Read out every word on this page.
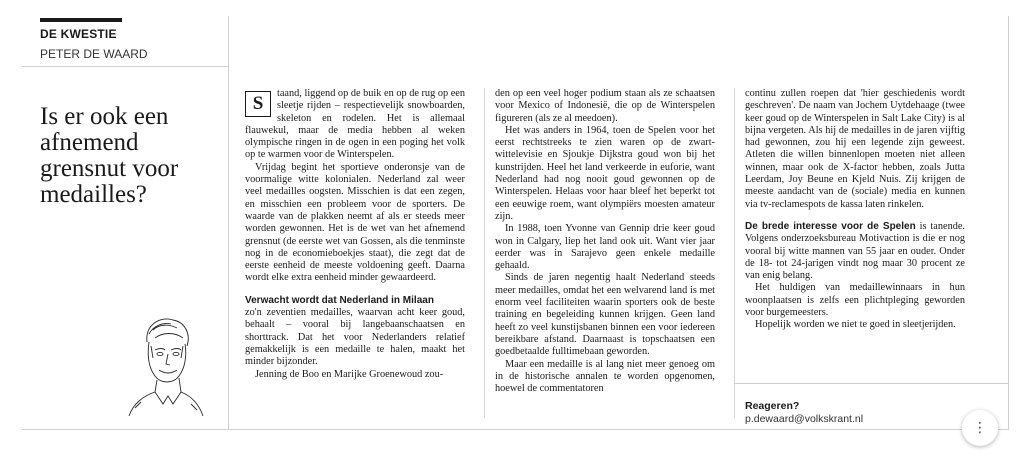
DE KWESTIE
PETER DE WAARD
Is er ook een afnemend grensnut voor medailles?
S	taand, liggend op de buik en op de rug op een sleetje rijden – respectievelijk snowboarden, skeleton en rodelen. Het is allemaal flauwekul, maar de media hebben al weken olympische ringen in de ogen in een poging het volk op te warmen voor de Winterspelen.

Vrijdag begint het sportieve onderonsje van de voormalige witte kolonialen. Nederland zal weer veel medailles oogsten. Misschien is dat een zegen, en misschien een probleem voor de sporters. De waarde van de plakken neemt af als er steeds meer worden gewonnen. Het is de wet van het afnemend grensnut (de eerste wet van Gossen, als die tenminste nog in de economieboekjes staat), die zegt dat de eerste eenheid de meeste voldoening geeft. Daarna wordt elke extra eenheid minder gewaardeerd.

Verwacht wordt dat Nederland in Milaan
zo'n zeventien medailles, waarvan acht keer goud, behaalt – vooral bij langebaanschaatsen en shorttrack. Dat het voor Nederlanders relatief gemakkelijk is een medaille te halen, maakt het minder bijzonder.

Jenning de Boo en Marijke Groenewoud zou-

den op een veel hoger podium staan als ze schaatsen voor Mexico of Indonesië, die op de Winterspelen figureren (als ze al meedoen).

Het was anders in 1964, toen de Spelen voor het eerst rechtstreeks te zien waren op de zwart-wittelevisie en Sjoukje Dijkstra goud won bij het kunstrijden. Heel het land verkeerde in euforie, want Nederland had nog nooit goud gewonnen op de Winterspelen. Helaas voor haar bleef het beperkt tot een eeuwige roem, want olympiërs moesten amateur zijn.

In 1988, toen Yvonne van Gennip drie keer goud won in Calgary, liep het land ook uit. Want vier jaar eerder was in Sarajevo geen enkele medaille gehaald.

Sinds de jaren negentig haalt Nederland steeds meer medailles, omdat het een welvarend land is met enorm veel faciliteiten waarin sporters ook de beste training en begeleiding kunnen krijgen. Geen land heeft zo veel kunstijsbanen binnen een voor iedereen bereikbare afstand. Daarnaast is topschaatsen een goedbetaalde fulltimebaan geworden.

Maar een medaille is al lang niet meer genoeg om in de historische annalen te worden opgenomen, hoewel de commentatoren

continu zullen roepen dat 'hier geschiedenis wordt geschreven'. De naam van Jochem Uytdehaage (twee keer goud op de Winterspelen in Salt Lake City) is al bijna vergeten. Als hij de medailles in de jaren vijftig had gewonnen, zou hij een legende zijn geweest. Atleten die willen binnenlopen moeten niet alleen winnen, maar ook de X-factor hebben, zoals Jutta Leerdam, Joy Beune en Kjeld Nuis. Zij krijgen de meeste aandacht van de (sociale) media en kunnen via tv-reclamespots de kassa laten rinkelen.

De brede interesse voor de Spelen is tanende. Volgens onderzoeksbureau Motivaction is die er nog vooral bij witte mannen van 55 jaar en ouder. Onder de 18- tot 24-jarigen vindt nog maar 30 procent ze van enig belang.

Het huldigen van medaillewinnaars in hun woonplaatsen is zelfs een plichtpleging geworden voor burgemeesters.

Hopelijk worden we niet te goed in sleetjerijden.

Reageren?
p.dewaard@volkskrant.nl
⋮
